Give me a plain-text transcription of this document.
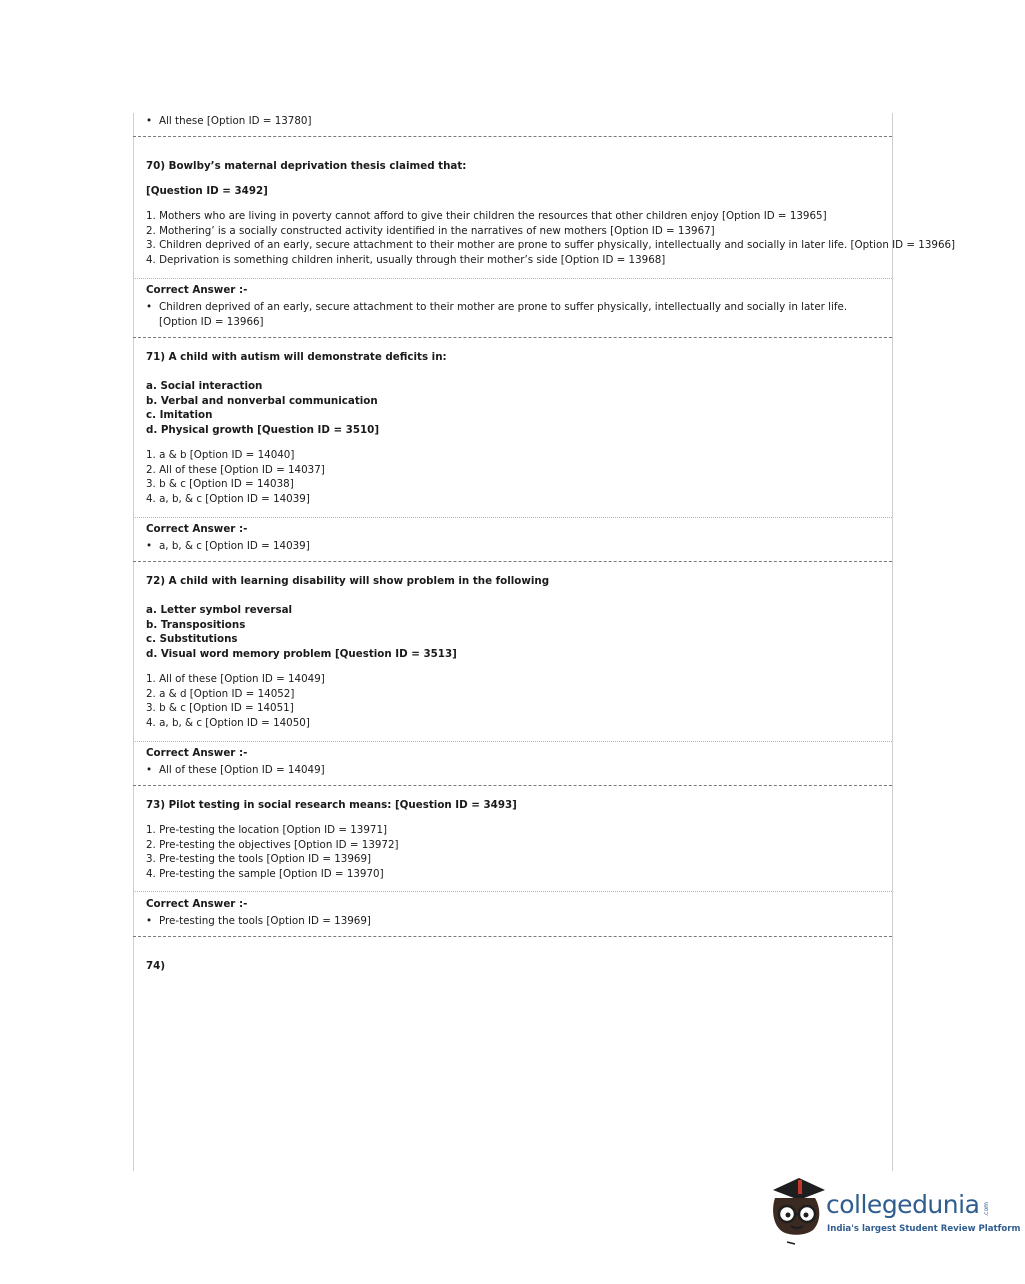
• All these [Option ID = 13780]
70) Bowlby’s maternal deprivation thesis claimed that:
[Question ID = 3492]
1. Mothers who are living in poverty cannot afford to give their children the resources that other children enjoy [Option ID = 13965]
2. Mothering’ is a socially constructed activity identified in the narratives of new mothers [Option ID = 13967]
3. Children deprived of an early, secure attachment to their mother are prone to suffer physically, intellectually and socially in later life. [Option ID = 13966]
4. Deprivation is something children inherit, usually through their mother’s side [Option ID = 13968]
Correct Answer :-
• Children deprived of an early, secure attachment to their mother are prone to suffer physically, intellectually and socially in later life. [Option ID = 13966]
71) A child with autism will demonstrate deficits in:
a. Social interaction
b. Verbal and nonverbal communication
c. Imitation
d. Physical growth [Question ID = 3510]
1. a & b [Option ID = 14040]
2. All of these [Option ID = 14037]
3. b & c [Option ID = 14038]
4. a, b, & c [Option ID = 14039]
Correct Answer :-
• a, b, & c [Option ID = 14039]
72) A child with learning disability will show problem in the following
a. Letter symbol reversal
b. Transpositions
c. Substitutions
d. Visual word memory problem [Question ID = 3513]
1. All of these [Option ID = 14049]
2. a & d [Option ID = 14052]
3. b & c [Option ID = 14051]
4. a, b, & c [Option ID = 14050]
Correct Answer :-
• All of these [Option ID = 14049]
73) Pilot testing in social research means: [Question ID = 3493]
1. Pre-testing the location [Option ID = 13971]
2. Pre-testing the objectives [Option ID = 13972]
3. Pre-testing the tools [Option ID = 13969]
4. Pre-testing the sample [Option ID = 13970]
Correct Answer :-
• Pre-testing the tools [Option ID = 13969]
74)
collegedunia .com
India's largest Student Review Platform
